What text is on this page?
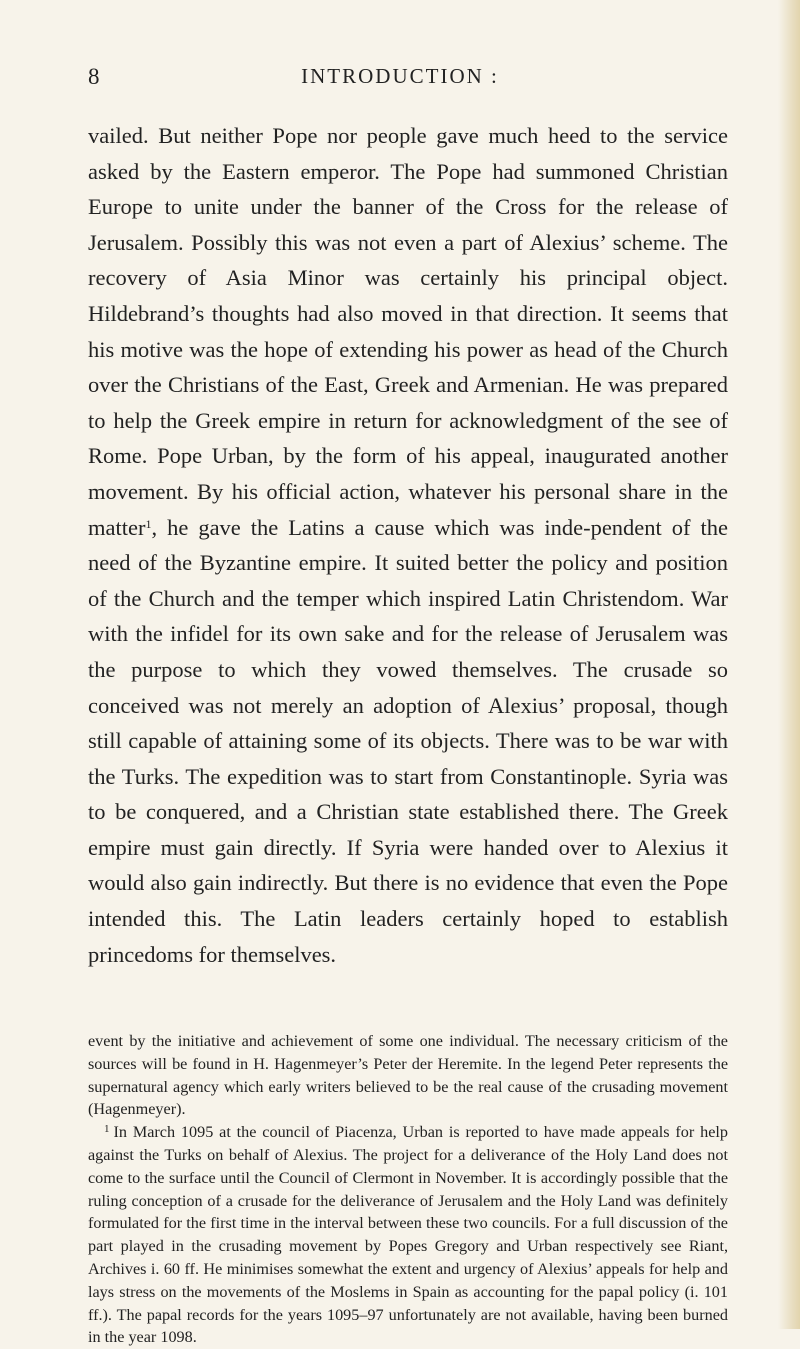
INTRODUCTION :
8
vailed. But neither Pope nor people gave much heed to the service asked by the Eastern emperor. The Pope had summoned Christian Europe to unite under the banner of the Cross for the release of Jerusalem. Possibly this was not even a part of Alexius’ scheme. The recovery of Asia Minor was certainly his principal object. Hildebrand’s thoughts had also moved in that direction. It seems that his motive was the hope of extending his power as head of the Church over the Christians of the East, Greek and Armenian. He was prepared to help the Greek empire in return for acknowledgment of the see of Rome. Pope Urban, by the form of his appeal, inaugurated another movement. By his official action, whatever his personal share in the matter$^1$, he gave the Latins a cause which was inde-pendent of the need of the Byzantine empire. It suited better the policy and position of the Church and the temper which inspired Latin Christendom. War with the infidel for its own sake and for the release of Jerusalem was the purpose to which they vowed themselves. The crusade so conceived was not merely an adoption of Alexius’ proposal, though still capable of attaining some of its objects. There was to be war with the Turks. The expedition was to start from Constantinople. Syria was to be conquered, and a Christian state established there. The Greek empire must gain directly. If Syria were handed over to Alexius it would also gain indirectly. But there is no evidence that even the Pope intended this. The Latin leaders certainly hoped to establish princedoms for themselves.

event by the initiative and achievement of some one individual. The necessary criticism of the sources will be found in H. Hagenmeyer’s Peter der Heremite. In the legend Peter represents the supernatural agency which early writers believed to be the real cause of the crusading movement (Hagenmeyer).

$^1$ In March 1095 at the council of Piacenza, Urban is reported to have made appeals for help against the Turks on behalf of Alexius. The project for a deliverance of the Holy Land does not come to the surface until the Council of Clermont in November. It is accordingly possible that the ruling conception of a crusade for the deliverance of Jerusalem and the Holy Land was definitely formulated for the first time in the interval between these two councils. For a full discussion of the part played in the crusading movement by Popes Gregory and Urban respectively see Riant, Archives i. 60 ff. He minimises somewhat the extent and urgency of Alexius’ appeals for help and lays stress on the movements of the Moslems in Spain as accounting for the papal policy (i. 101 ff.). The papal records for the years 1095–97 unfortunately are not available, having been burned in the year 1098.
